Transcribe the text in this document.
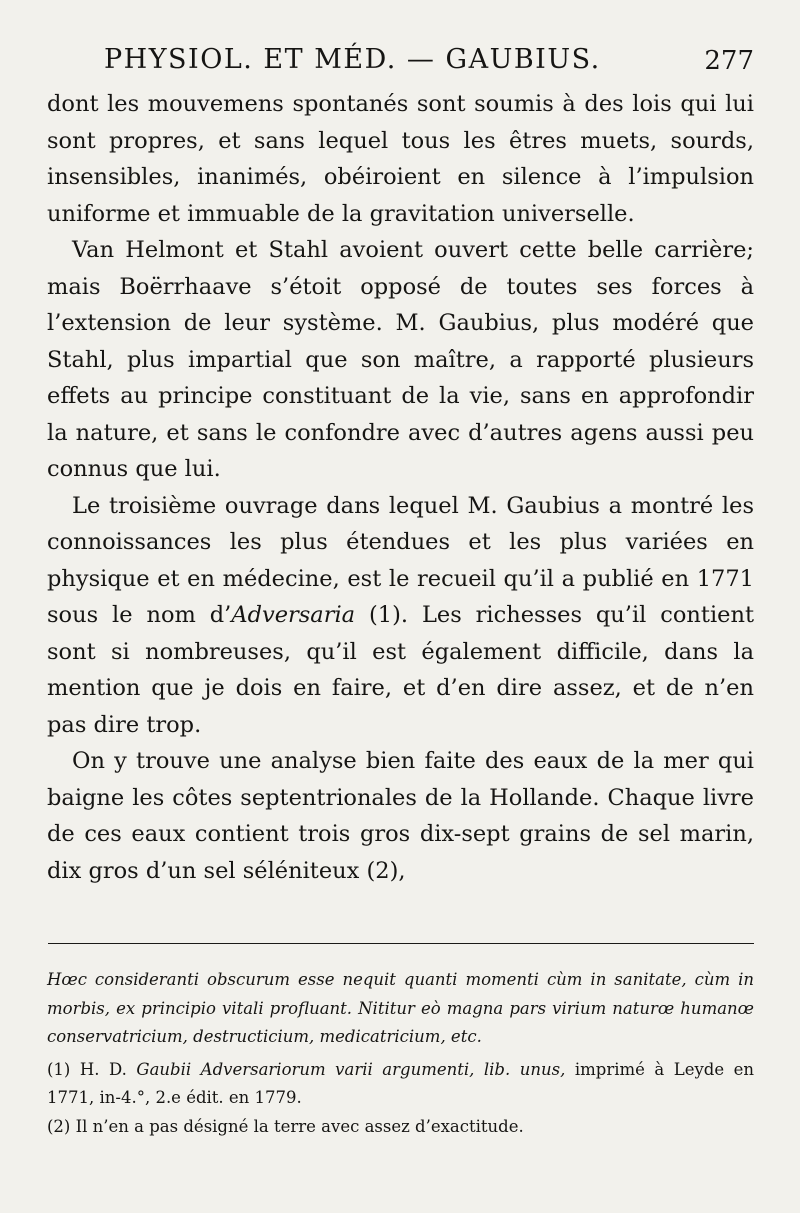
PHYSIOL. ET MÉD. — GAUBIUS.	277

dont les mouvemens spontanés sont soumis à des lois qui lui sont propres, et sans lequel tous les êtres muets, sourds, insensibles, inanimés, obéiroient en silence à l’impulsion uniforme et immuable de la gravitation universelle.

Van Helmont et Stahl avoient ouvert cette belle carrière; mais Boërrhaave s’étoit opposé de toutes ses forces à l’extension de leur système. M. Gaubius, plus modéré que Stahl, plus impartial que son maître, a rapporté plusieurs effets au principe constituant de la vie, sans en approfondir la nature, et sans le confondre avec d’autres agens aussi peu connus que lui.

Le troisième ouvrage dans lequel M. Gaubius a montré les connoissances les plus étendues et les plus variées en physique et en médecine, est le recueil qu’il a publié en 1771 sous le nom d’Adversaria (1). Les richesses qu’il contient sont si nombreuses, qu’il est également difficile, dans la mention que je dois en faire, et d’en dire assez, et de n’en pas dire trop.

On y trouve une analyse bien faite des eaux de la mer qui baigne les côtes septentrionales de la Hollande. Chaque livre de ces eaux contient trois gros dix-sept grains de sel marin, dix gros d’un sel séléniteux (2),

Hœc consideranti obscurum esse nequit quanti momenti cùm in sanitate, cùm in morbis, ex principio vitali profluant. Nititur eò magna pars virium naturœ humanœ conservatricium, destructicium, medicatricium, etc.

(1) H. D. Gaubii Adversariorum varii argumenti, lib. unus, imprimé à Leyde en 1771, in-4.°, 2.e édit. en 1779.

(2) Il n’en a pas désigné la terre avec assez d’exactitude.
